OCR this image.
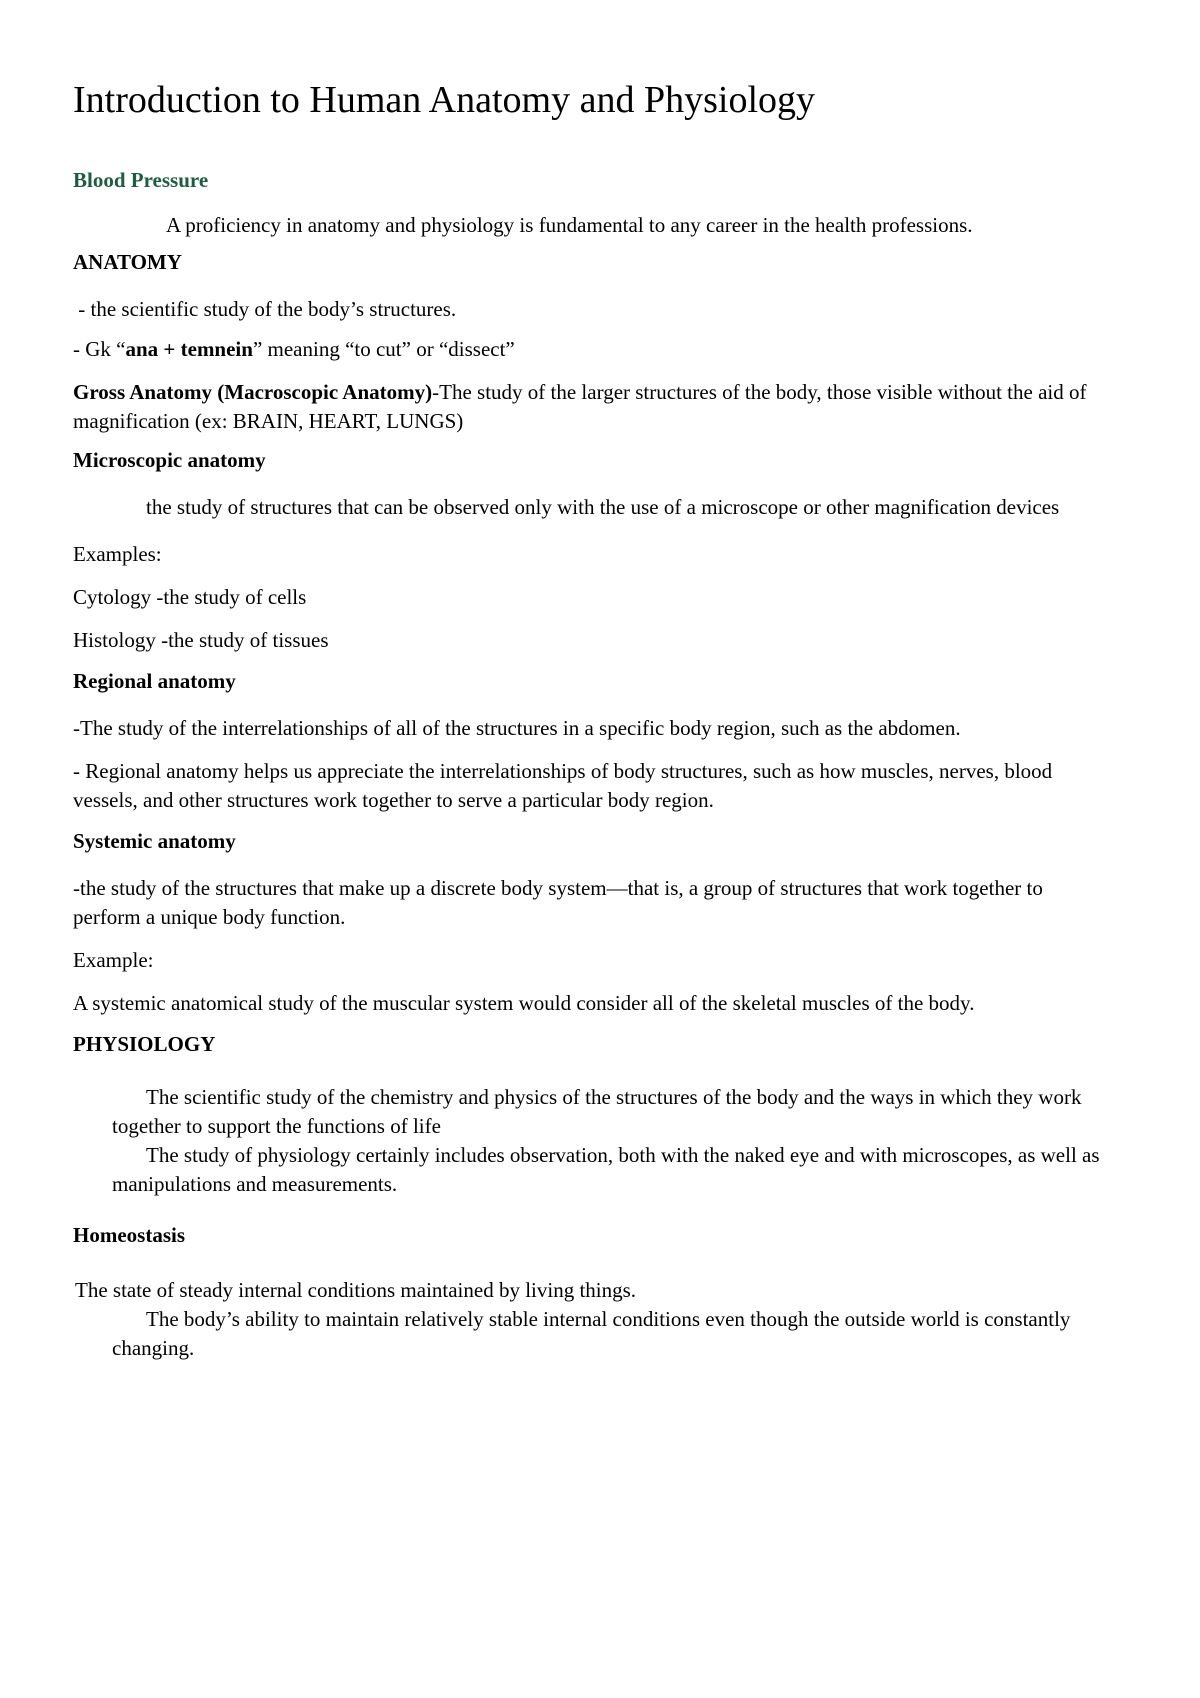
Introduction to Human Anatomy and Physiology

Blood Pressure

A proficiency in anatomy and physiology is fundamental to any career in the health professions.

ANATOMY

- the scientific study of the body’s structures.

- Gk “ana + temnein” meaning “to cut” or “dissect”

Gross Anatomy (Macroscopic Anatomy)-The study of the larger structures of the body, those visible without the aid of magnification (ex: BRAIN, HEART, LUNGS)

Microscopic anatomy

the study of structures that can be observed only with the use of a microscope or other magnification devices

Examples:

Cytology -the study of cells

Histology -the study of tissues

Regional anatomy

-The study of the interrelationships of all of the structures in a specific body region, such as the abdomen.

- Regional anatomy helps us appreciate the interrelationships of body structures, such as how muscles, nerves, blood vessels, and other structures work together to serve a particular body region.

Systemic anatomy

-the study of the structures that make up a discrete body system—that is, a group of structures that work together to perform a unique body function.

Example:

A systemic anatomical study of the muscular system would consider all of the skeletal muscles of the body.

PHYSIOLOGY

The scientific study of the chemistry and physics of the structures of the body and the ways in which they work together to support the functions of life

The study of physiology certainly includes observation, both with the naked eye and with microscopes, as well as manipulations and measurements.

Homeostasis

The state of steady internal conditions maintained by living things.

The body’s ability to maintain relatively stable internal conditions even though the outside world is constantly changing.
